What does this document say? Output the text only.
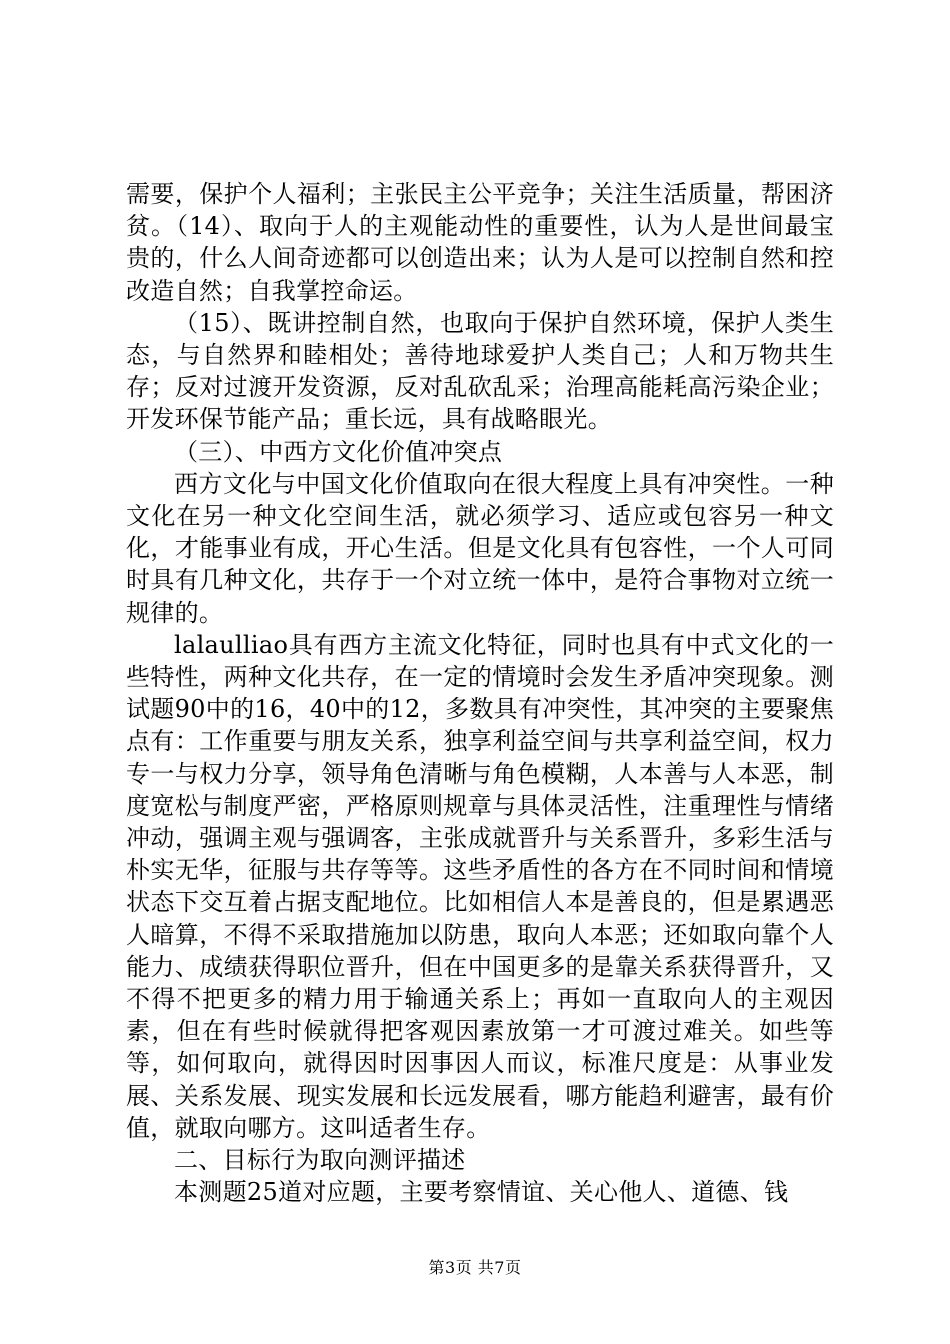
需要，保护个人福利；主张民主公平竞争；关注生活质量，帮困济贫。（14）、取向于人的主观能动性的重要性，认为人是世间最宝贵的，什么人间奇迹都可以创造出来；认为人是可以控制自然和控改造自然；自我掌控命运。

（15）、既讲控制自然，也取向于保护自然环境，保护人类生态，与自然界和睦相处；善待地球爱护人类自己；人和万物共生存；反对过渡开发资源，反对乱砍乱采；治理高能耗高污染企业；开发环保节能产品；重长远，具有战略眼光。

（三）、中西方文化价值冲突点

西方文化与中国文化价值取向在很大程度上具有冲突性。一种文化在另一种文化空间生活，就必须学习、适应或包容另一种文化，才能事业有成，开心生活。但是文化具有包容性，一个人可同时具有几种文化，共存于一个对立统一体中，是符合事物对立统一规律的。

lalaulliao具有西方主流文化特征，同时也具有中式文化的一些特性，两种文化共存，在一定的情境时会发生矛盾冲突现象。测试题90中的16，40中的12，多数具有冲突性，其冲突的主要聚焦点有：工作重要与朋友关系，独享利益空间与共享利益空间，权力专一与权力分享，领导角色清晰与角色模糊，人本善与人本恶，制度宽松与制度严密，严格原则规章与具体灵活性，注重理性与情绪冲动，强调主观与强调客，主张成就晋升与关系晋升，多彩生活与朴实无华，征服与共存等等。这些矛盾性的各方在不同时间和情境状态下交互着占据支配地位。比如相信人本是善良的，但是累遇恶人暗算，不得不采取措施加以防患，取向人本恶；还如取向靠个人能力、成绩获得职位晋升，但在中国更多的是靠关系获得晋升，又不得不把更多的精力用于输通关系上；再如一直取向人的主观因素，但在有些时候就得把客观因素放第一才可渡过难关。如些等等，如何取向，就得因时因事因人而议，标准尺度是：从事业发展、关系发展、现实发展和长远发展看，哪方能趋利避害，最有价值，就取向哪方。这叫适者生存。

二、目标行为取向测评描述

本测题25道对应题，主要考察情谊、关心他人、道德、钱

第3页 共7页
